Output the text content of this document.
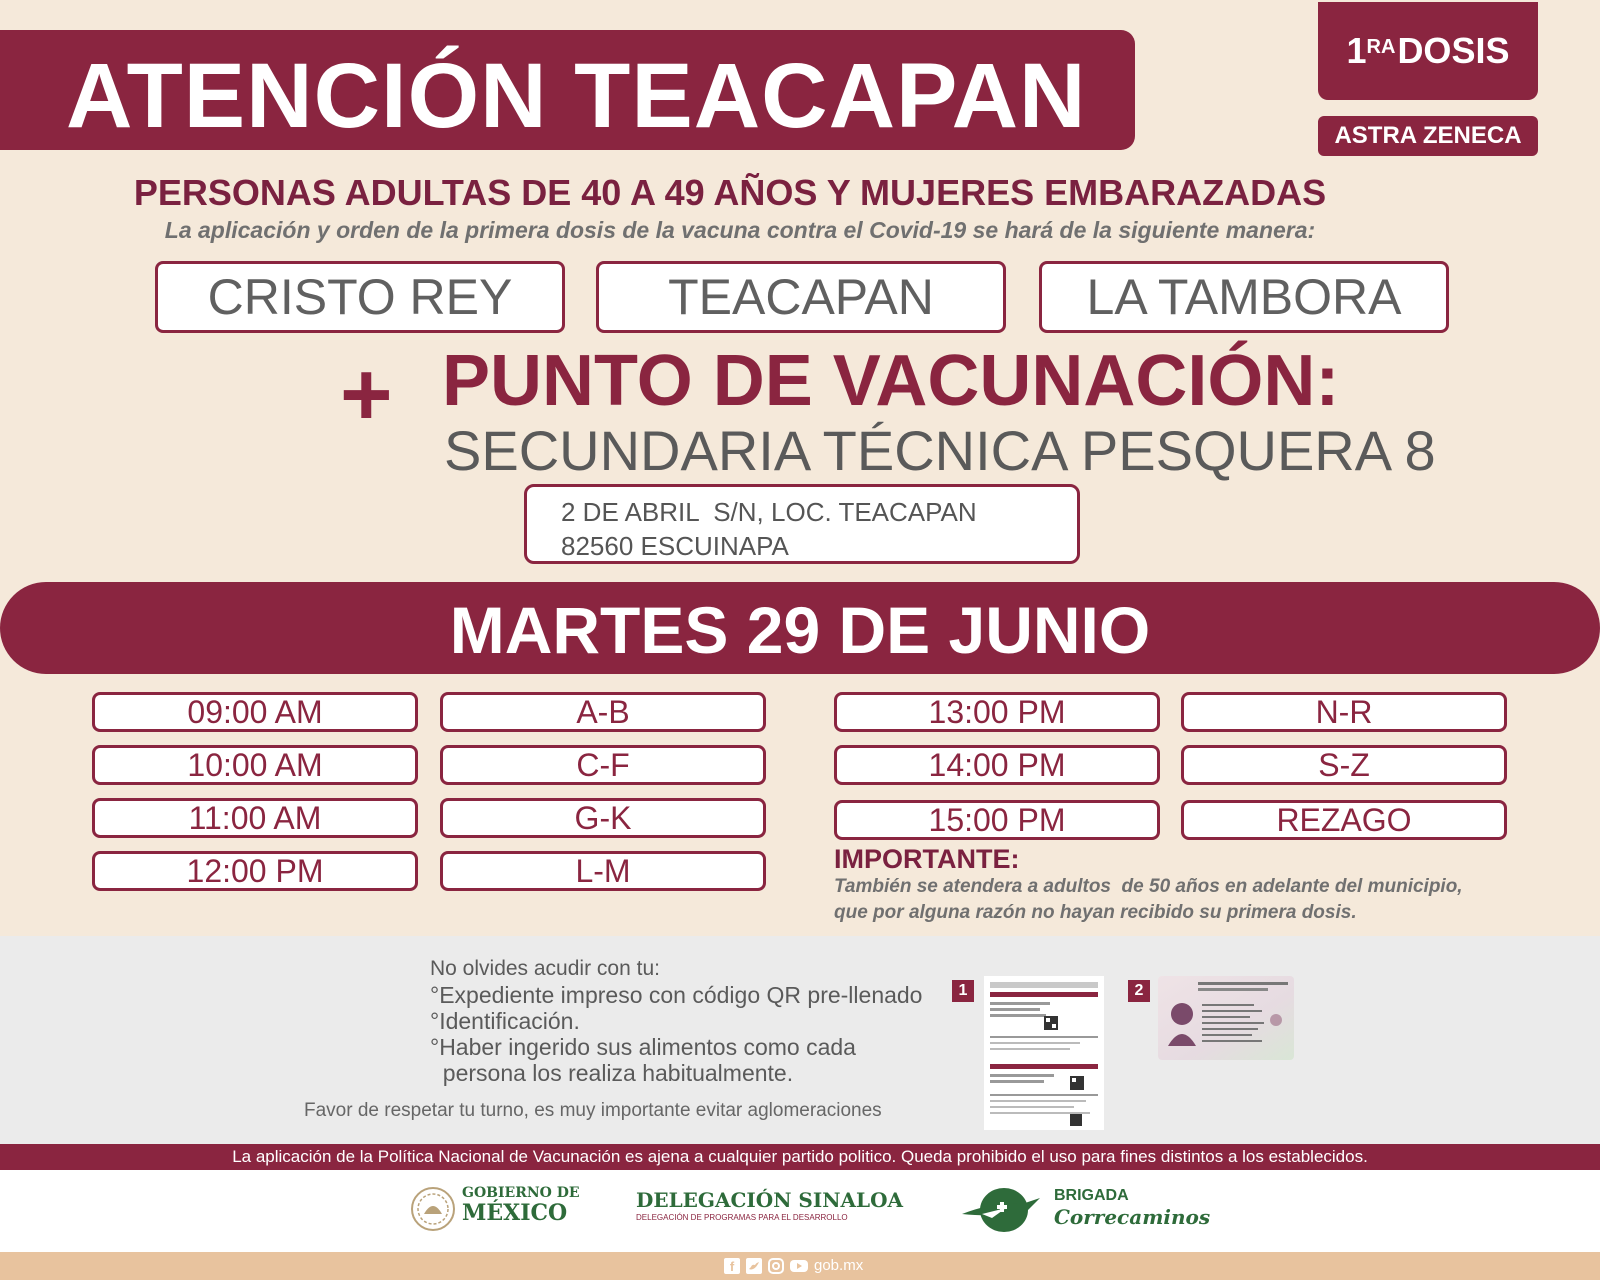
ATENCIÓN TEACAPAN	$1^{RA}$ DOSIS
ASTRA ZENECA
PERSONAS ADULTAS DE 40 A 49 AÑOS Y MUJERES EMBARAZADAS
La aplicación y orden de la primera dosis de la vacuna contra el Covid-19 se hará de la siguiente manera:
CRISTO REY	TEACAPAN	LA TAMBORA
+ PUNTO DE VACUNACIÓN:
SECUNDARIA TÉCNICA PESQUERA 8
2 DE ABRIL  S/N, LOC. TEACAPAN
82560 ESCUINAPA
MARTES 29 DE JUNIO
09:00 AM	A-B
10:00 AM	C-F
11:00 AM	G-K
12:00 PM	L-M
13:00 PM	N-R
14:00 PM	S-Z
15:00 PM	REZAGO
IMPORTANTE:
También se atendera a adultos  de 50 años en adelante del municipio,
que por alguna razón no hayan recibido su primera dosis.
No olvides acudir con tu:
°Expediente impreso con código QR pre-llenado
°Identificación.
°Haber ingerido sus alimentos como cada
persona los realiza habitualmente.
Favor de respetar tu turno, es muy importante evitar aglomeraciones
1	2
La aplicación de la Política Nacional de Vacunación es ajena a cualquier partido politico. Queda prohibido el uso para fines distintos a los establecidos.
GOBIERNO DE
MÉXICO	DELEGACIÓN SINALOA
DELEGACIÓN DE PROGRAMAS PARA EL DESARROLLO
BRIGADA
Correcaminos
f	gob.mx
